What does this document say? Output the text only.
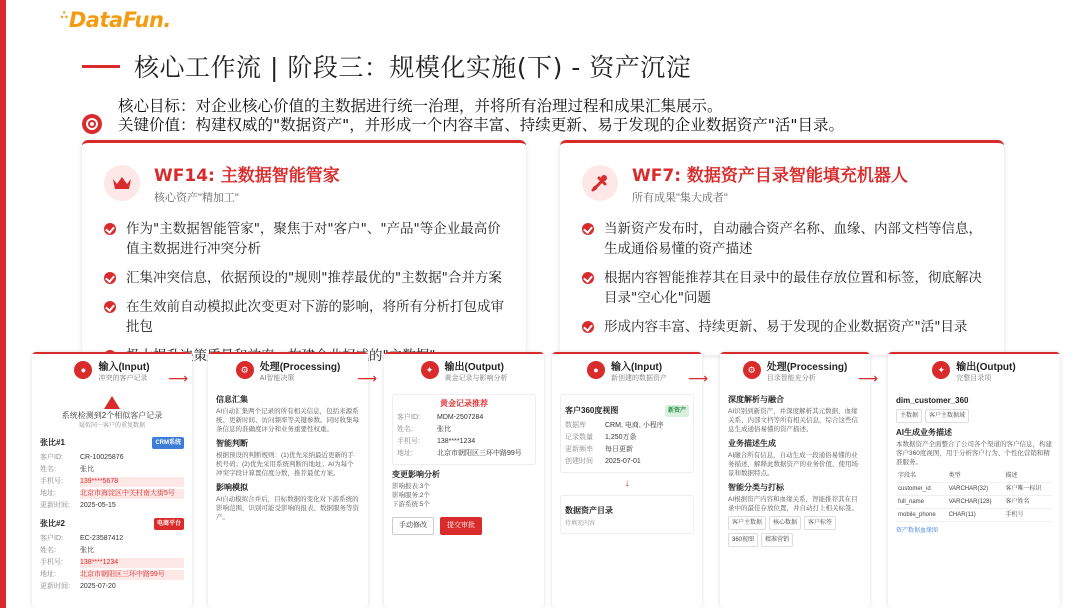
∴DataFun.
核心工作流 | 阶段三：规模化实施(下) - 资产沉淀
核心目标：对企业核心价值的主数据进行统一治理，并将所有治理过程和成果汇集展示。
关键价值：构建权威的"数据资产"，并形成一个内容丰富、持续更新、易于发现的企业数据资产"活"目录。
WF14: 主数据智能管家
核心资产"精加工"
作为"主数据智能管家"，聚焦于对"客户"、"产品"等企业最高价值主数据进行冲突分析
汇集冲突信息，依据预设的"规则"推荐最优的"主数据"合并方案
在生效前自动模拟此次变更对下游的影响，将所有分析打包成审批包
WF7: 数据资产目录智能填充机器人
所有成果"集大成者"
当新资产发布时，自动融合资产名称、血缘、内部文档等信息，生成通俗易懂的资产描述
根据内容智能推荐其在目录中的最佳存放位置和标签，彻底解决目录"空心化"问题
形成内容丰富、持续更新、易于发现的企业数据资产"活"目录
●	输入(Input)
冲突的客户记录
系统检测到2个相似客户记录
疑似同一客户的重复数据
张比#1	CRM系统
客户ID:	CR-10025876
姓名:	张比
手机号:	139****5678
地址:	北京市海淀区中关村南大街5号
更新时间:	2025-05-15
张比#2	电商平台
客户ID:	EC-23587412
姓名:	张比
手机号:	138****1234
地址:	北京市朝阳区三环中路99号
更新时间:	2025-07-20
⟶
⚙	处理(Processing)
AI智能决策
信息汇集
AI自动汇集两个记录的所有相关信息，包括来源系统、更新时间、访问频率等关键参数。同时收集每条信息的准确度评分和业务重要性权重。
智能判断
根据预设的判断规则：(1)优先采纳最近更新的手机号码；(2)优先采用系统判断的地址；AI为每个冲突字段计算置信度分数，推荐最优方案。
影响模拟
AI自动模拟合并后，目标数据的变化对下游系统的影响范围，识别可能受影响的报表、数据服务等资产。
⟶
✦	输出(Output)
黄金记录与影响分析
黄金记录推荐
客户ID:	MDM-2507284
姓名:	张比
手机号:	138****1234
地址:	北京市朝阳区三环中路99号
变更影响分析
影响报表:3个
影响服务:2个
下游系统:5个
手动修改	提交审批
●	输入(Input)
新创建的数据资产
客户360度视图	新资产
数据库	CRM, 电商, 小程序
记录数量	1,250万条
更新频率	每日更新
创建时间	2025-07-01
↓
数据资产目录
待填充内容
⟶
⚙	处理(Processing)
目录智能充分析
深度解析与融合
AI识别到新资产，并深度解析其元数据、血缘关系、内部文档等所有相关信息，综合这些信息生成通俗易懂的资产描述。
业务描述生成
AI融合所有信息，自动生成一段通俗易懂的业务描述，解释此数据资产的业务价值、使用场景和数据特点。
智能分类与打标
AI根据资产内容和血缘关系，智能推荐其在目录中的最佳存放位置，并自动打上相关标签。
客户主数据	核心数据	客户标签
360视图	精准营销
⟶
✦	输出(Output)
完整目录项
dim_customer_360
主数据	客户主数据域
AI生成业务描述
本数据资产全面整合了公司各个渠道的客户信息，构建客户360度视图，用于分析客户行为、个性化营销和精准服务。
字段名	类型	描述
customer_id	VARCHAR(32)	客户唯一标识
full_name	VARCHAR(128)	客户姓名
mobile_phone	CHAR(11)	手机号
资产数据血缘图
